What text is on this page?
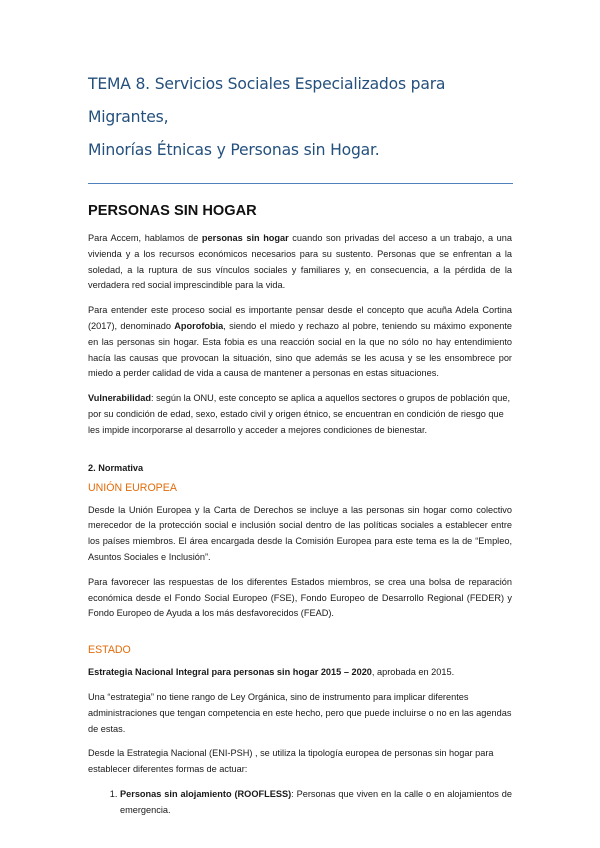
TEMA 8. Servicios Sociales Especializados para Migrantes,
Minorías Étnicas y Personas sin Hogar.
PERSONAS SIN HOGAR

Para Accem, hablamos de personas sin hogar cuando son privadas del acceso a un trabajo, a una vivienda y a los recursos económicos necesarios para su sustento. Personas que se enfrentan a la soledad, a la ruptura de sus vínculos sociales y familiares y, en consecuencia, a la pérdida de la verdadera red social imprescindible para la vida.

Para entender este proceso social es importante pensar desde el concepto que acuña Adela Cortina (2017), denominado Aporofobia, siendo el miedo y rechazo al pobre, teniendo su máximo exponente en las personas sin hogar. Esta fobia es una reacción social en la que no sólo no hay entendimiento hacía las causas que provocan la situación, sino que además se les acusa y se les ensombrece por miedo a perder calidad de vida a causa de mantener a personas en estas situaciones.

Vulnerabilidad: según la ONU, este concepto se aplica a aquellos sectores o grupos de población que, por su condición de edad, sexo, estado civil y origen étnico, se encuentran en condición de riesgo que les impide incorporarse al desarrollo y acceder a mejores condiciones de bienestar.

2. Normativa
UNIÓN EUROPEA

Desde la Unión Europea y la Carta de Derechos se incluye a las personas sin hogar como colectivo merecedor de la protección social e inclusión social dentro de las políticas sociales a establecer entre los países miembros. El área encargada desde la Comisión Europea para este tema es la de “Empleo, Asuntos Sociales e Inclusión”.

Para favorecer las respuestas de los diferentes Estados miembros, se crea una bolsa de reparación económica desde el Fondo Social Europeo (FSE), Fondo Europeo de Desarrollo Regional (FEDER) y Fondo Europeo de Ayuda a los más desfavorecidos (FEAD).

ESTADO

Estrategia Nacional Integral para personas sin hogar 2015 – 2020, aprobada en 2015.

Una “estrategia” no tiene rango de Ley Orgánica, sino de instrumento para implicar diferentes administraciones que tengan competencia en este hecho, pero que puede incluirse o no en las agendas de estas.

Desde la Estrategia Nacional (ENI-PSH) , se utiliza la tipología europea de personas sin hogar para establecer diferentes formas de actuar:

1. Personas sin alojamiento (ROOFLESS): Personas que viven en la calle o en alojamientos de emergencia.
